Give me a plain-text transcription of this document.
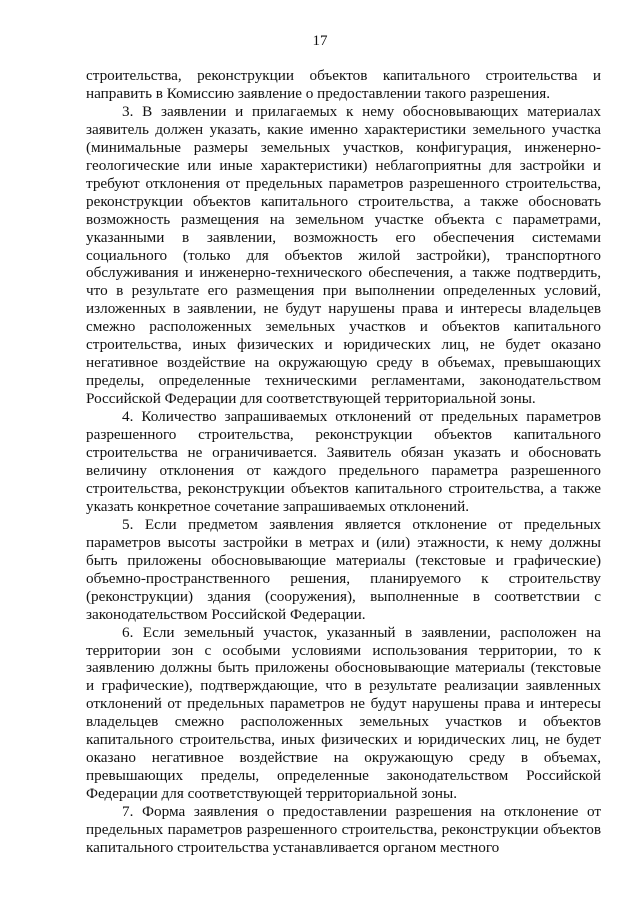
17

строительства, реконструкции объектов капитального строительства и направить в Комиссию заявление о предоставлении такого разрешения.

3. В заявлении и прилагаемых к нему обосновывающих материалах заявитель должен указать, какие именно характеристики земельного участка (минимальные размеры земельных участков, конфигурация, инженерно-геологические или иные характеристики) неблагоприятны для застройки и требуют отклонения от предельных параметров разрешенного строительства, реконструкции объектов капитального строительства, а также обосновать возможность размещения на земельном участке объекта с параметрами, указанными в заявлении, возможность его обеспечения системами социального (только для объектов жилой застройки), транспортного обслуживания и инженерно-технического обеспечения, а также подтвердить, что в результате его размещения при выполнении определенных условий, изложенных в заявлении, не будут нарушены права и интересы владельцев смежно расположенных земельных участков и объектов капитального строительства, иных физических и юридических лиц, не будет оказано негативное воздействие на окружающую среду в объемах, превышающих пределы, определенные техническими регламентами, законодательством Российской Федерации для соответствующей территориальной зоны.

4. Количество запрашиваемых отклонений от предельных параметров разрешенного строительства, реконструкции объектов капитального строительства не ограничивается. Заявитель обязан указать и обосновать величину отклонения от каждого предельного параметра разрешенного строительства, реконструкции объектов капитального строительства, а также указать конкретное сочетание запрашиваемых отклонений.

5. Если предметом заявления является отклонение от предельных параметров высоты застройки в метрах и (или) этажности, к нему должны быть приложены обосновывающие материалы (текстовые и графические) объемно-пространственного решения, планируемого к строительству (реконструкции) здания (сооружения), выполненные в соответствии с законодательством Российской Федерации.

6. Если земельный участок, указанный в заявлении, расположен на территории зон с особыми условиями использования территории, то к заявлению должны быть приложены обосновывающие материалы (текстовые и графические), подтверждающие, что в результате реализации заявленных отклонений от предельных параметров не будут нарушены права и интересы владельцев смежно расположенных земельных участков и объектов капитального строительства, иных физических и юридических лиц, не будет оказано негативное воздействие на окружающую среду в объемах, превышающих пределы, определенные законодательством Российской Федерации для соответствующей территориальной зоны.

7. Форма заявления о предоставлении разрешения на отклонение от предельных параметров разрешенного строительства, реконструкции объектов капитального строительства устанавливается органом местного
